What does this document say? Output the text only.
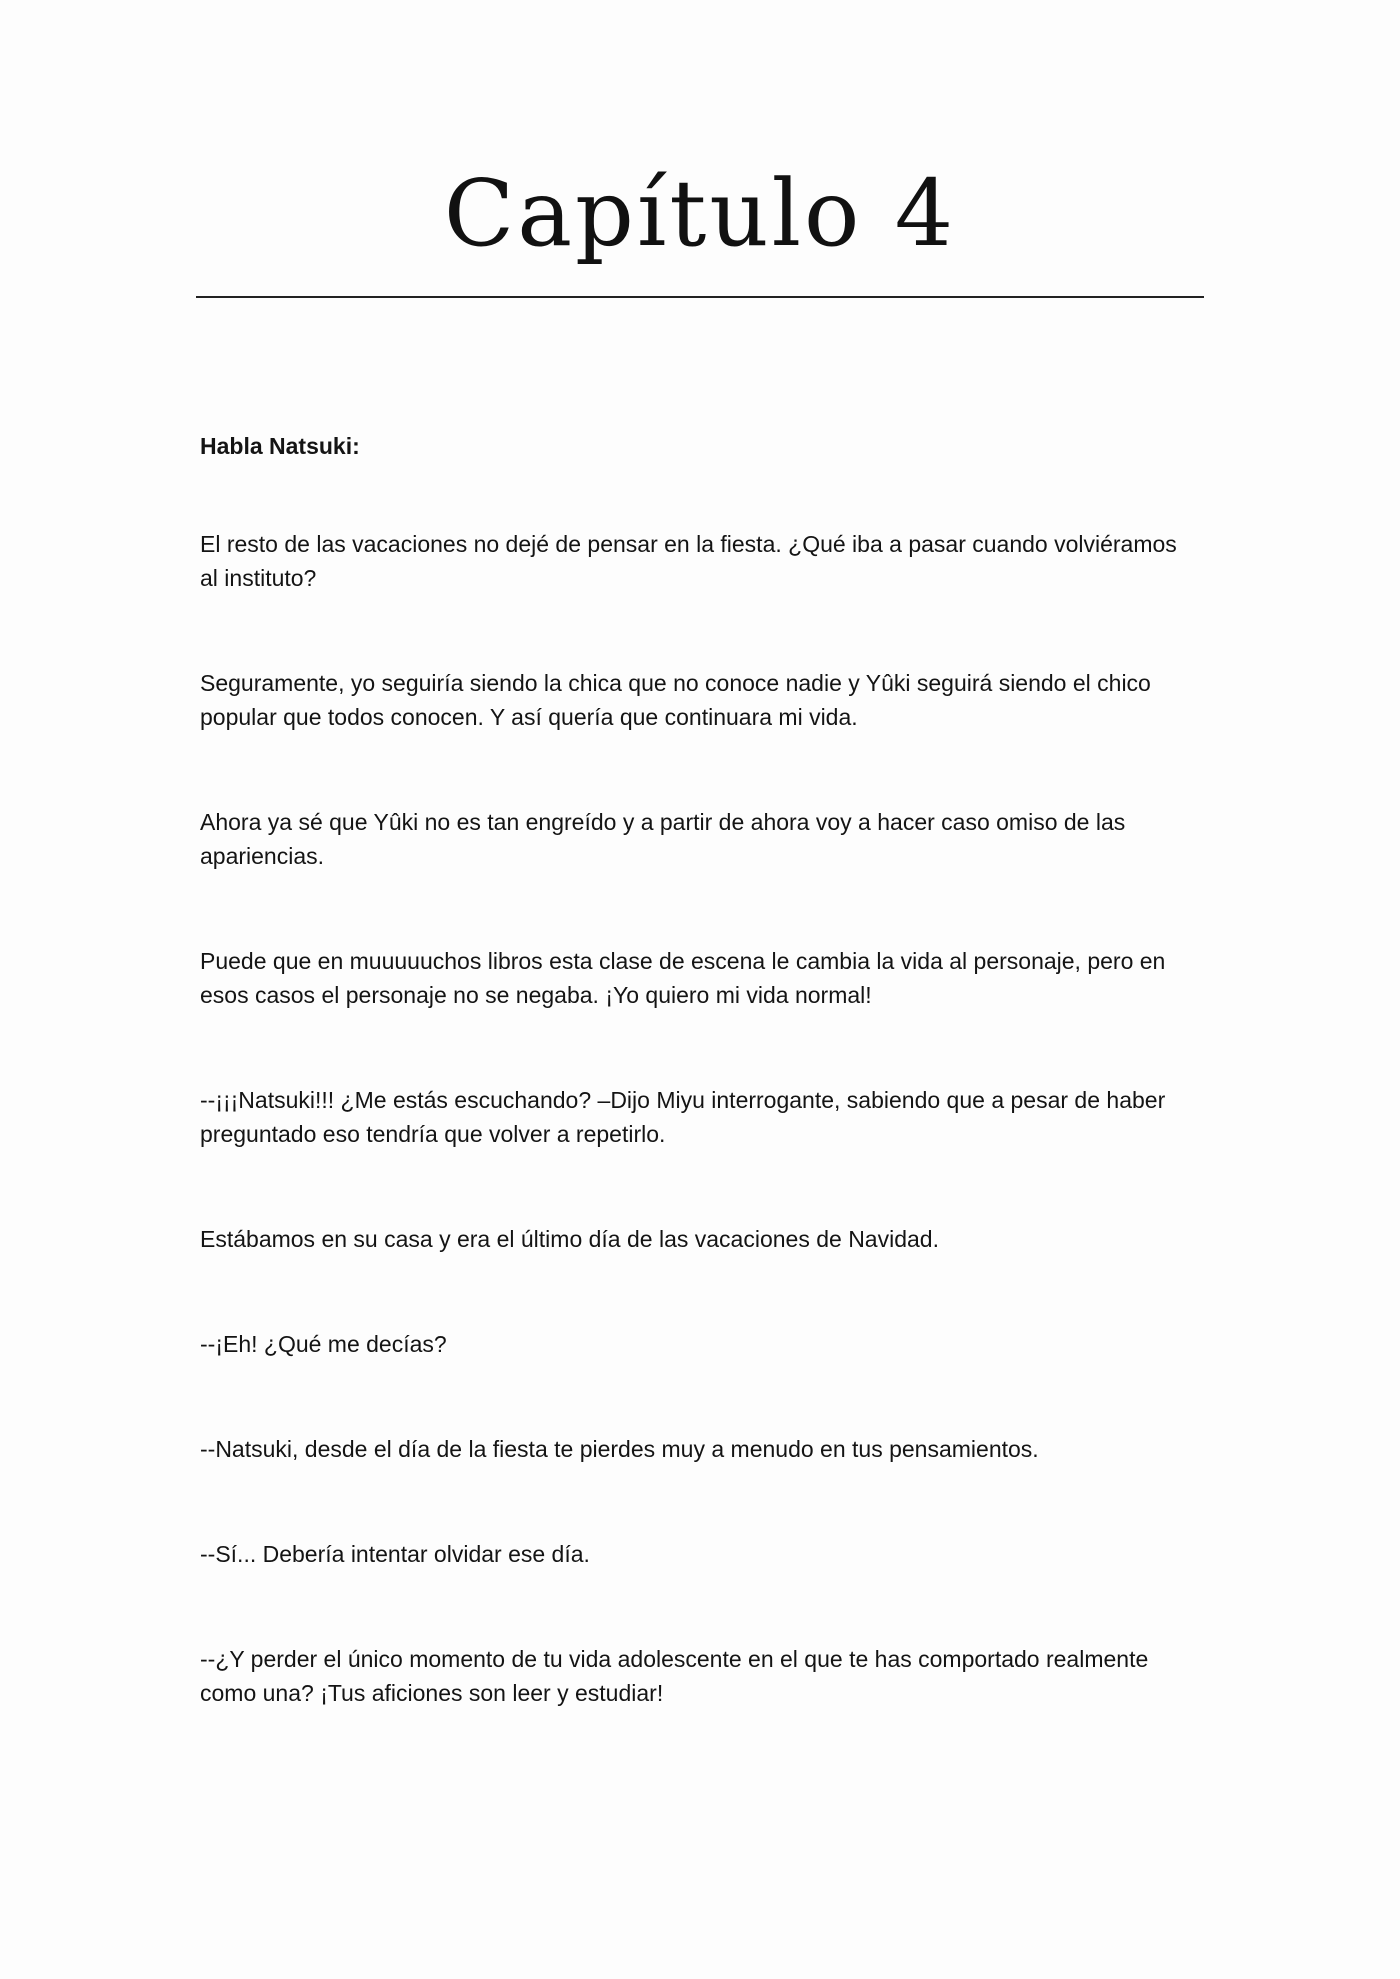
Capítulo 4

Habla Natsuki:

El resto de las vacaciones no dejé de pensar en la fiesta. ¿Qué iba a pasar cuando volviéramos al instituto?

Seguramente, yo seguiría siendo la chica que no conoce nadie y Yûki seguirá siendo el chico popular que todos conocen. Y así quería que continuara mi vida.

Ahora ya sé que Yûki no es tan engreído y a partir de ahora voy a hacer caso omiso de las apariencias.

Puede que en muuuuuchos libros esta clase de escena le cambia la vida al personaje, pero en esos casos el personaje no se negaba. ¡Yo quiero mi vida normal!

--¡¡¡Natsuki!!! ¿Me estás escuchando? –Dijo Miyu interrogante, sabiendo que a pesar de haber preguntado eso tendría que volver a repetirlo.

Estábamos en su casa y era el último día de las vacaciones de Navidad.

--¡Eh! ¿Qué me decías?

--Natsuki, desde el día de la fiesta te pierdes muy a menudo en tus pensamientos.

--Sí... Debería intentar olvidar ese día.

--¿Y perder el único momento de tu vida adolescente en el que te has comportado realmente como una? ¡Tus aficiones son leer y estudiar!
